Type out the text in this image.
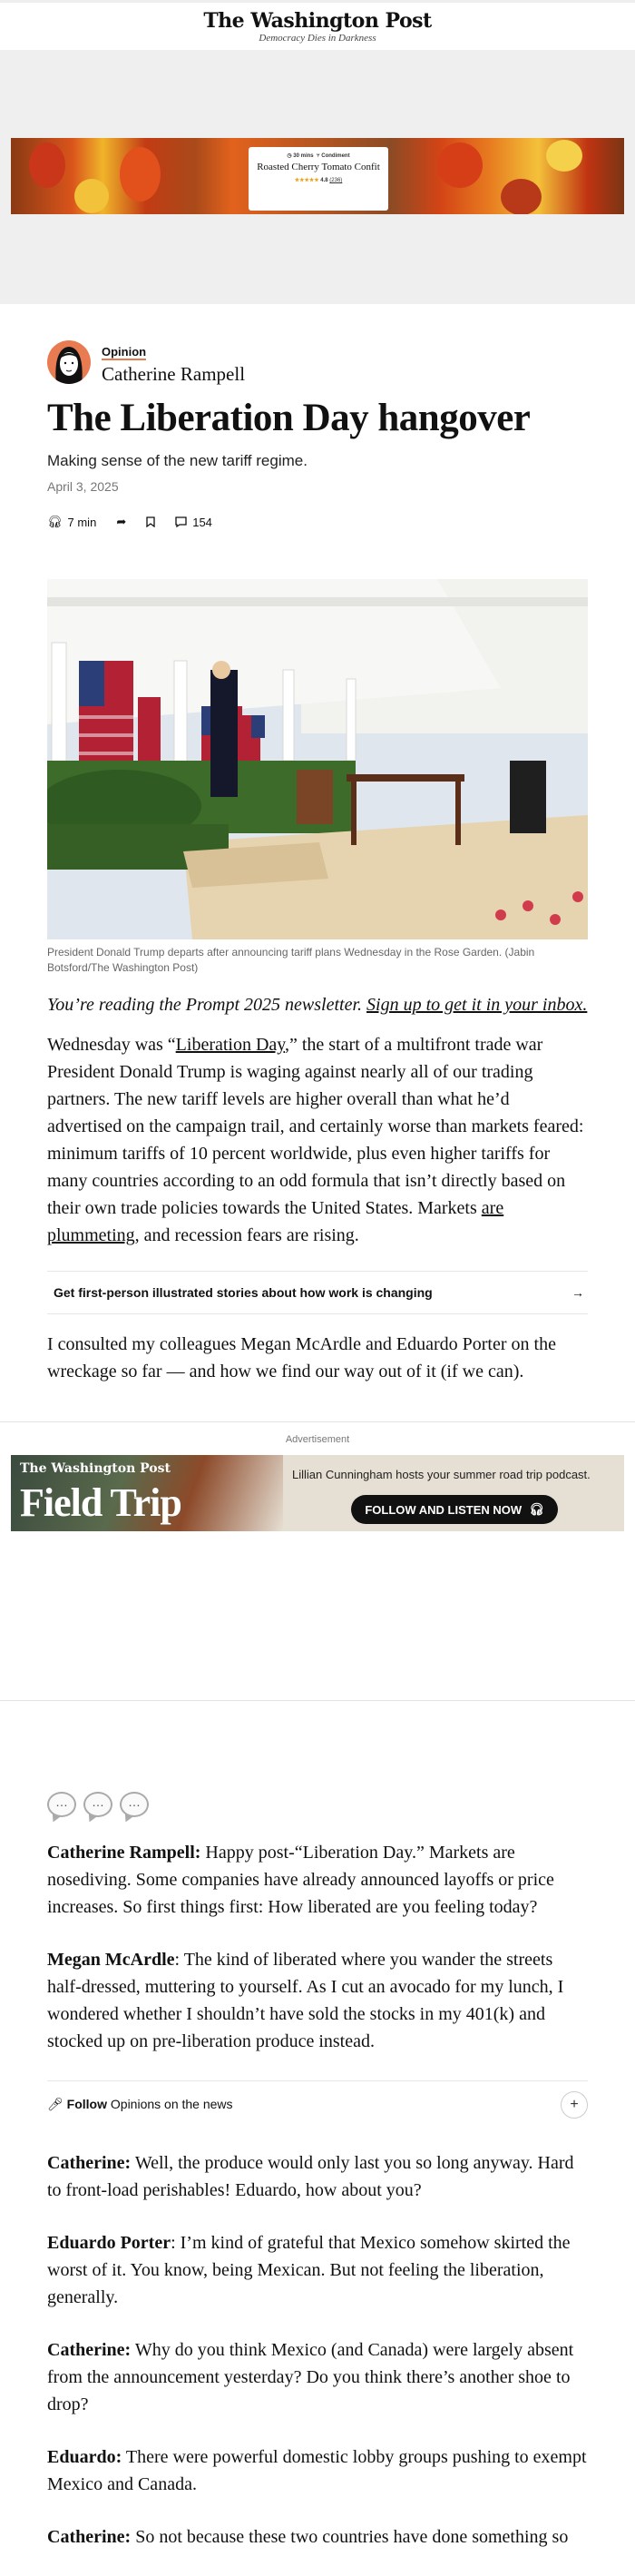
The Washington Post
Democracy Dies in Darkness
◷ 30 mins ⑂ Condiment
Roasted Cherry Tomato Confit
★★★★★ 4.8 (236)
Opinion
Catherine Rampell
The Liberation Day hangover
Making sense of the new tariff regime.
April 3, 2025
🎧︎ 7 min ➦	154
President Donald Trump departs after announcing tariff plans Wednesday in the Rose Garden. (Jabin Botsford/The Washington Post)
You’re reading the Prompt 2025 newsletter. Sign up to get it in your inbox.
Wednesday was “Liberation Day,” the start of a multifront trade war President Donald Trump is waging against nearly all of our trading partners. The new tariff levels are higher overall than what he’d advertised on the campaign trail, and certainly worse than markets feared: minimum tariffs of 10 percent worldwide, plus even higher tariffs for many countries according to an odd formula that isn’t directly based on their own trade policies towards the United States. Markets are plummeting, and recession fears are rising.
Get first-person illustrated stories about how work is changing	→
I consulted my colleagues Megan McArdle and Eduardo Porter on the wreckage so far — and how we find our way out of it (if we can).
Advertisement
The Washington Post
Field Trip
Lillian Cunningham hosts your summer road trip podcast.
FOLLOW AND LISTEN NOW 🎧︎
…	…	…

Catherine Rampell: Happy post-“Liberation Day.” Markets are nosediving. Some companies have already announced layoffs or price increases. So first things first: How liberated are you feeling today?

Megan McArdle: The kind of liberated where you wander the streets half-dressed, muttering to yourself. As I cut an avocado for my lunch, I wondered whether I shouldn’t have sold the stocks in my 401(k) and stocked up on pre-liberation produce instead.

🎤︎ Follow Opinions on the news	+

Catherine: Well, the produce would only last you so long anyway. Hard to front-load perishables! Eduardo, how about you?

Eduardo Porter: I’m kind of grateful that Mexico somehow skirted the worst of it. You know, being Mexican. But not feeling the liberation, generally.

Catherine: Why do you think Mexico (and Canada) were largely absent from the announcement yesterday? Do you think there’s another shoe to drop?

Eduardo: There were powerful domestic lobby groups pushing to exempt Mexico and Canada.

Catherine: So not because these two countries have done something so
